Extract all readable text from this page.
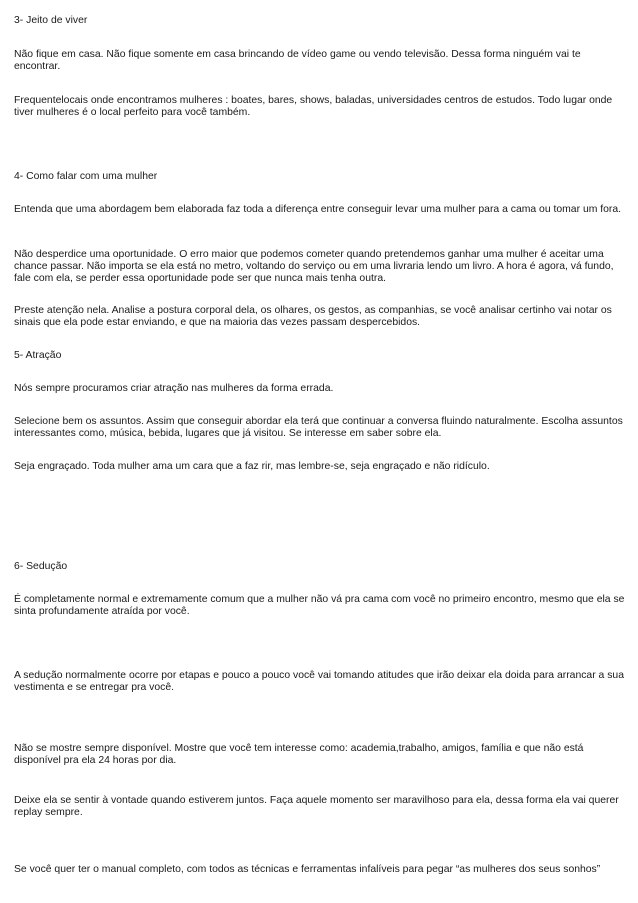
3- Jeito de viver

Não fique em casa. Não fique somente em casa brincando de vídeo game ou vendo televisão. Dessa forma ninguém vai te encontrar.

Frequentelocais onde encontramos mulheres : boates, bares, shows, baladas, universidades centros de estudos. Todo lugar onde tiver mulheres é o local perfeito para você também.

4- Como falar com uma mulher

Entenda que uma abordagem bem elaborada faz toda a diferença entre conseguir levar uma mulher para a cama ou tomar um fora.

Não desperdice uma oportunidade. O erro maior que podemos cometer quando pretendemos ganhar uma mulher é aceitar uma chance passar. Não importa se ela está no metro, voltando do serviço ou em uma livraria lendo um livro. A hora é agora, vá fundo, fale com ela, se perder essa oportunidade pode ser que nunca mais tenha outra.

Preste atenção nela. Analise a postura corporal dela, os olhares, os gestos, as companhias, se você analisar certinho vai notar os sinais que ela pode estar enviando, e que na maioria das vezes passam despercebidos.

5- Atração

Nós sempre procuramos criar atração nas mulheres da forma errada.

Selecione bem os assuntos. Assim que conseguir abordar ela terá que continuar a conversa fluindo naturalmente. Escolha assuntos interessantes como, música, bebida, lugares que já visitou. Se interesse em saber sobre ela.

Seja engraçado. Toda mulher ama um cara que a faz rir, mas lembre-se, seja engraçado e não ridículo.

6- Sedução

É completamente normal e extremamente comum que a mulher não vá pra cama com você no primeiro encontro, mesmo que ela se sinta profundamente atraída por você.

A sedução normalmente ocorre por etapas e pouco a pouco você vai tomando atitudes que irão deixar ela doida para arrancar a sua vestimenta e se entregar pra você.

Não se mostre sempre disponível. Mostre que você tem interesse como: academia,trabalho, amigos, família e que não está disponível pra ela 24 horas por dia.

Deixe ela se sentir à vontade quando estiverem juntos. Faça aquele momento ser maravilhoso para ela, dessa forma ela vai querer replay sempre.

Se você quer ter o manual completo, com todos as técnicas e ferramentas infalíveis para pegar “as mulheres dos seus sonhos”
